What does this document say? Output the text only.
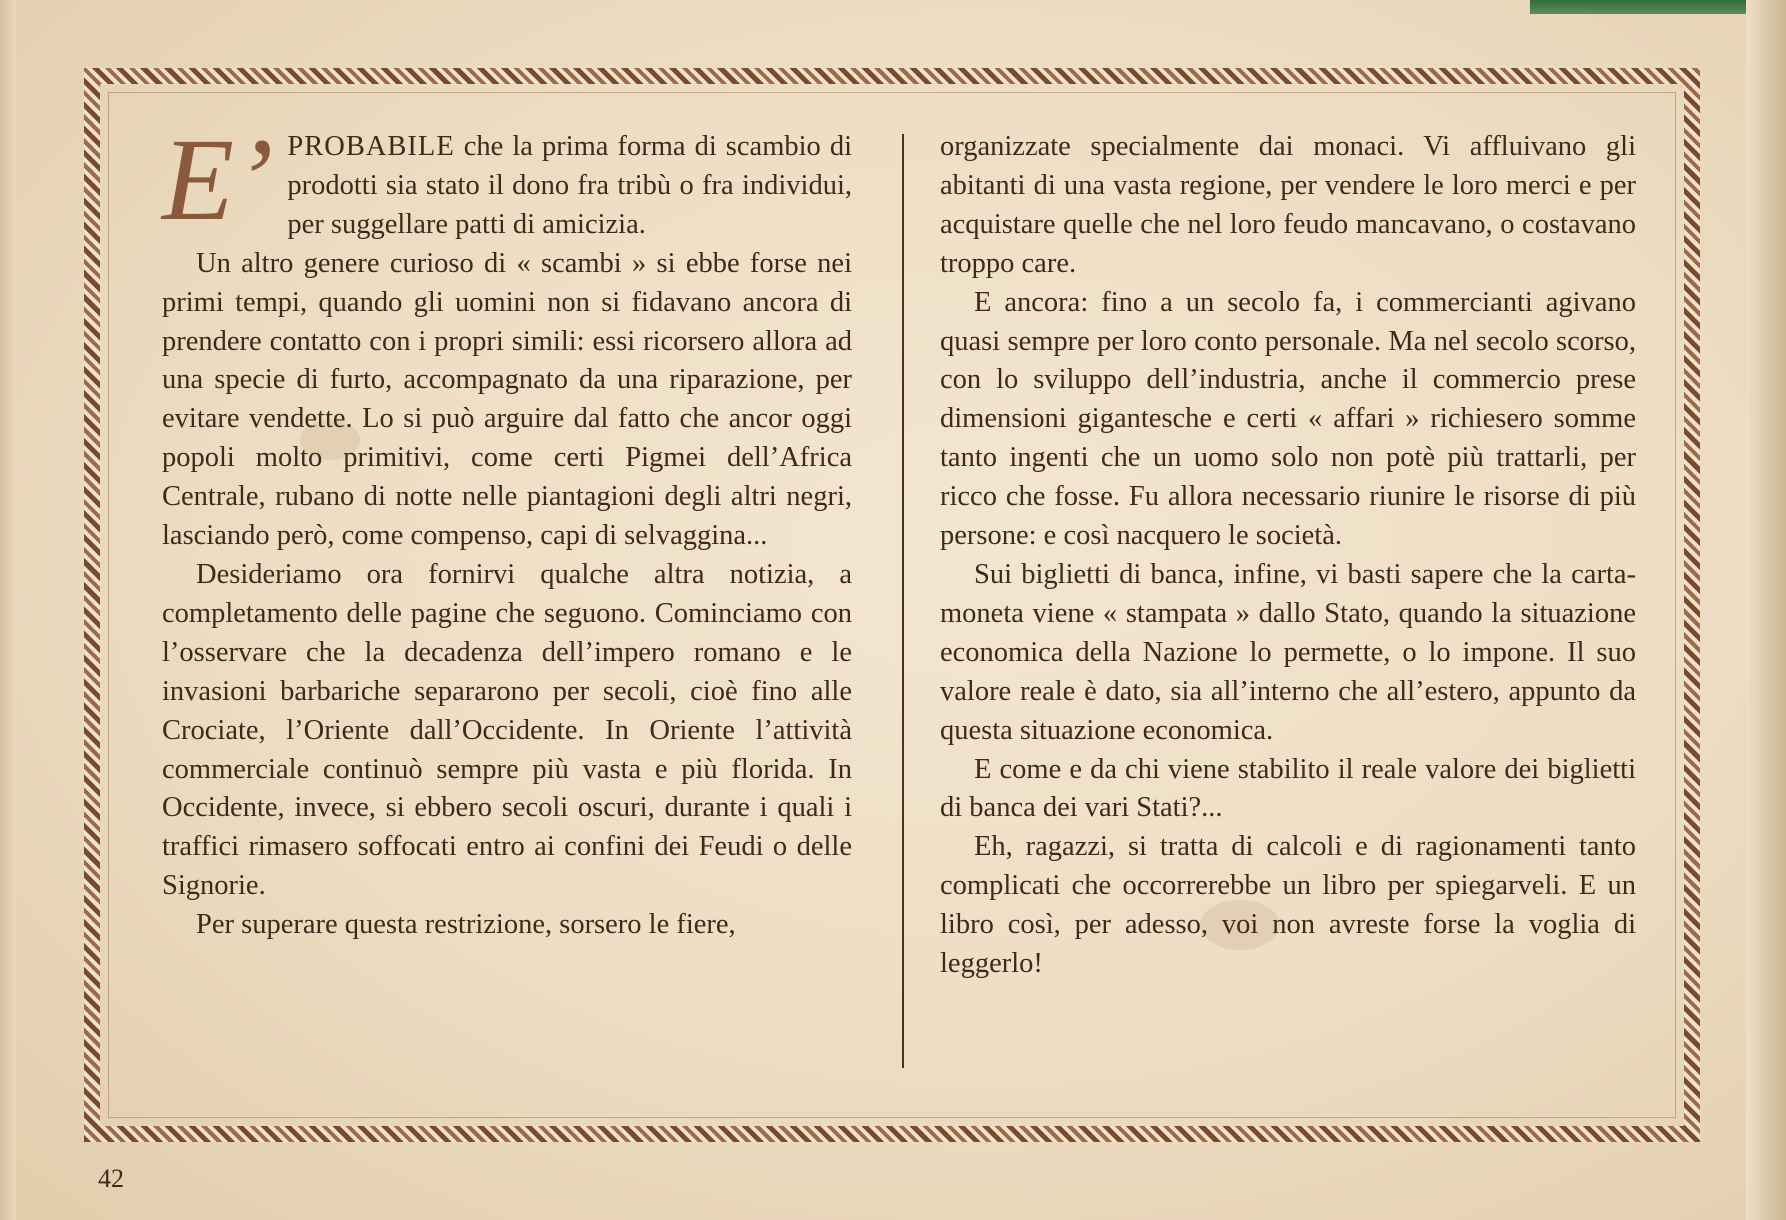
E’ PROBABILE che la prima forma di scambio di prodotti sia stato il dono fra tribù o fra individui, per suggellare patti di amicizia.

Un altro genere curioso di « scambi » si ebbe forse nei primi tempi, quando gli uomini non si fidavano ancora di prendere contatto con i propri simili: essi ricorsero allora ad una specie di furto, accompagnato da una riparazione, per evitare vendette. Lo si può arguire dal fatto che ancor oggi popoli molto primitivi, come certi Pigmei dell’Africa Centrale, rubano di notte nelle piantagioni degli altri negri, lasciando però, come compenso, capi di selvaggina...

Desideriamo ora fornirvi qualche altra notizia, a completamento delle pagine che seguono. Cominciamo con l’osservare che la decadenza dell’impero romano e le invasioni barbariche separarono per secoli, cioè fino alle Crociate, l’Oriente dall’Occidente. In Oriente l’attività commerciale continuò sempre più vasta e più florida. In Occidente, invece, si ebbero secoli oscuri, durante i quali i traffici rimasero soffocati entro ai confini dei Feudi o delle Signorie.

Per superare questa restrizione, sorsero le fiere,

organizzate specialmente dai monaci. Vi affluivano gli abitanti di una vasta regione, per vendere le loro merci e per acquistare quelle che nel loro feudo mancavano, o costavano troppo care.

E ancora: fino a un secolo fa, i commercianti agivano quasi sempre per loro conto personale. Ma nel secolo scorso, con lo sviluppo dell’industria, anche il commercio prese dimensioni gigantesche e certi « affari » richiesero somme tanto ingenti che un uomo solo non potè più trattarli, per ricco che fosse. Fu allora necessario riunire le risorse di più persone: e così nacquero le società.

Sui biglietti di banca, infine, vi basti sapere che la carta-moneta viene « stampata » dallo Stato, quando la situazione economica della Nazione lo permette, o lo impone. Il suo valore reale è dato, sia all’interno che all’estero, appunto da questa situazione economica.

E come e da chi viene stabilito il reale valore dei biglietti di banca dei vari Stati?...

Eh, ragazzi, si tratta di calcoli e di ragionamenti tanto complicati che occorrerebbe un libro per spiegarveli. E un libro così, per adesso, voi non avreste forse la voglia di leggerlo!

42
